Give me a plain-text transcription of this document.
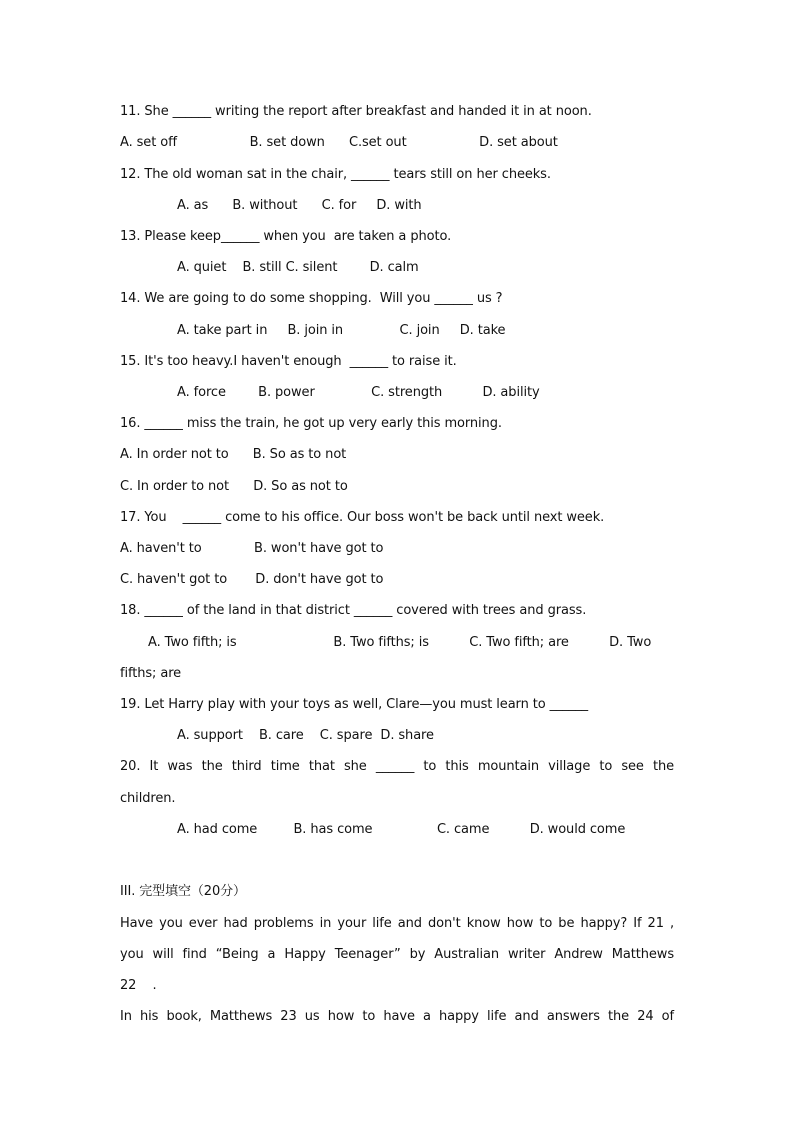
11. She ______ writing the report after breakfast and handed it in at noon.
A. set off                  B. set down      C.set out                  D. set about
12. The old woman sat in the chair, ______ tears still on her cheeks.
A. as      B. without      C. for     D. with
13. Please keep______ when you  are taken a photo.
A. quiet    B. still C. silent        D. calm
14. We are going to do some shopping.  Will you ______ us ?
A. take part in     B. join in              C. join     D. take
15. It's too heavy.I haven't enough  ______ to raise it.
A. force        B. power              C. strength          D. ability
16. ______ miss the train, he got up very early this morning.
A. In order not to      B. So as to not
C. In order to not      D. So as not to
17. You    ______ come to his office. Our boss won't be back until next week.
A. haven't to             B. won't have got to
C. haven't got to       D. don't have got to
18. ______ of the land in that district ______ covered with trees and grass.
A. Two fifth; is                        B. Two fifths; is          C. Two fifth; are          D. Two
fifths; are
19. Let Harry play with your toys as well, Clare—you must learn to ______
A. support    B. care    C. spare  D. share
20. It was the third time that she ______ to this mountain village to see the
children.
A. had come         B. has come                C. came          D. would come
III. 完型填空（20分）
Have you ever had problems in your life and don't know how to be happy? If 21 ,
you will find “Being a Happy Teenager” by Australian writer Andrew Matthews
22    .
In his book, Matthews 23 us how to have a happy life and answers the 24 of
